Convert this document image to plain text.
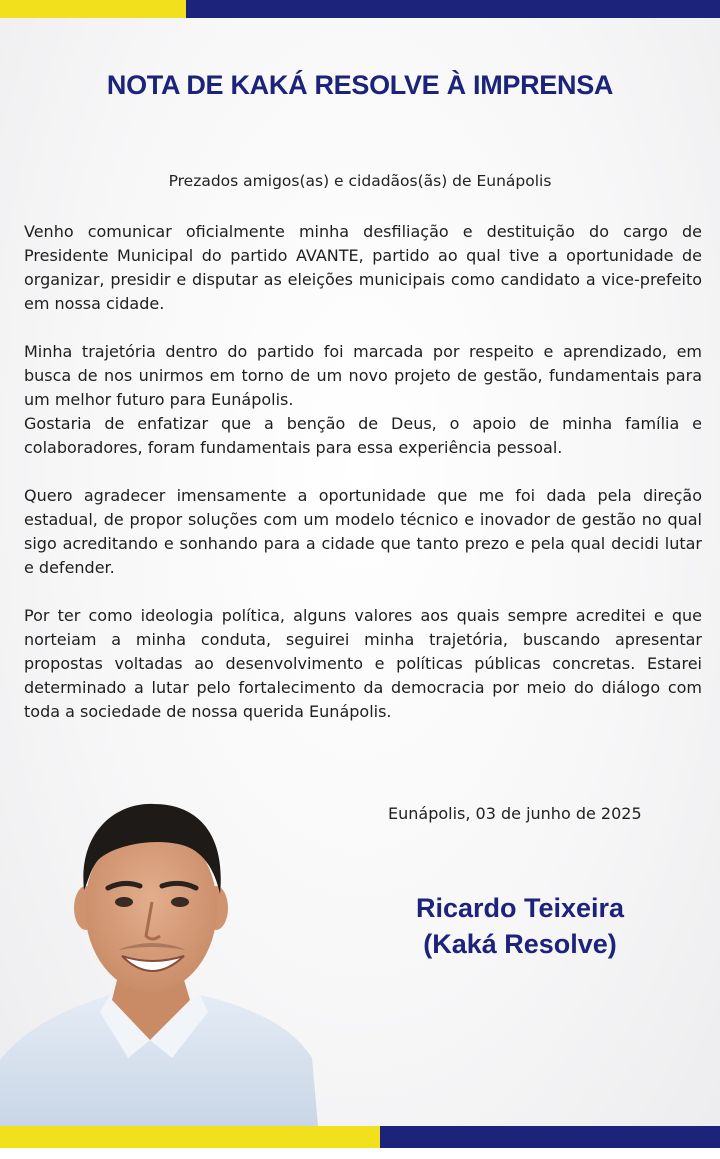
NOTA DE KAKÁ RESOLVE À IMPRENSA
Prezados amigos(as) e cidadãos(ãs) de Eunápolis

Venho comunicar oficialmente minha desfiliação e destituição do cargo de Presidente Municipal do partido AVANTE, partido ao qual tive a oportunidade de organizar, presidir e disputar as eleições municipais como candidato a vice-prefeito em nossa cidade.

Minha trajetória dentro do partido foi marcada por respeito e aprendizado, em busca de nos unirmos em torno de um novo projeto de gestão, fundamentais para um melhor futuro para Eunápolis.

Gostaria de enfatizar que a benção de Deus, o apoio de minha família e colaboradores, foram fundamentais para essa experiência pessoal.

Quero agradecer imensamente a oportunidade que me foi dada pela direção estadual, de propor soluções com um modelo técnico e inovador de gestão no qual sigo acreditando e sonhando para a cidade que tanto prezo e pela qual decidi lutar e defender.

Por ter como ideologia política, alguns valores aos quais sempre acreditei e que norteiam a minha conduta, seguirei minha trajetória, buscando apresentar propostas voltadas ao desenvolvimento e políticas públicas concretas. Estarei determinado a lutar pelo fortalecimento da democracia por meio do diálogo com toda a sociedade de nossa querida Eunápolis.

Eunápolis, 03 de junho de 2025
Ricardo Teixeira
(Kaká Resolve)
